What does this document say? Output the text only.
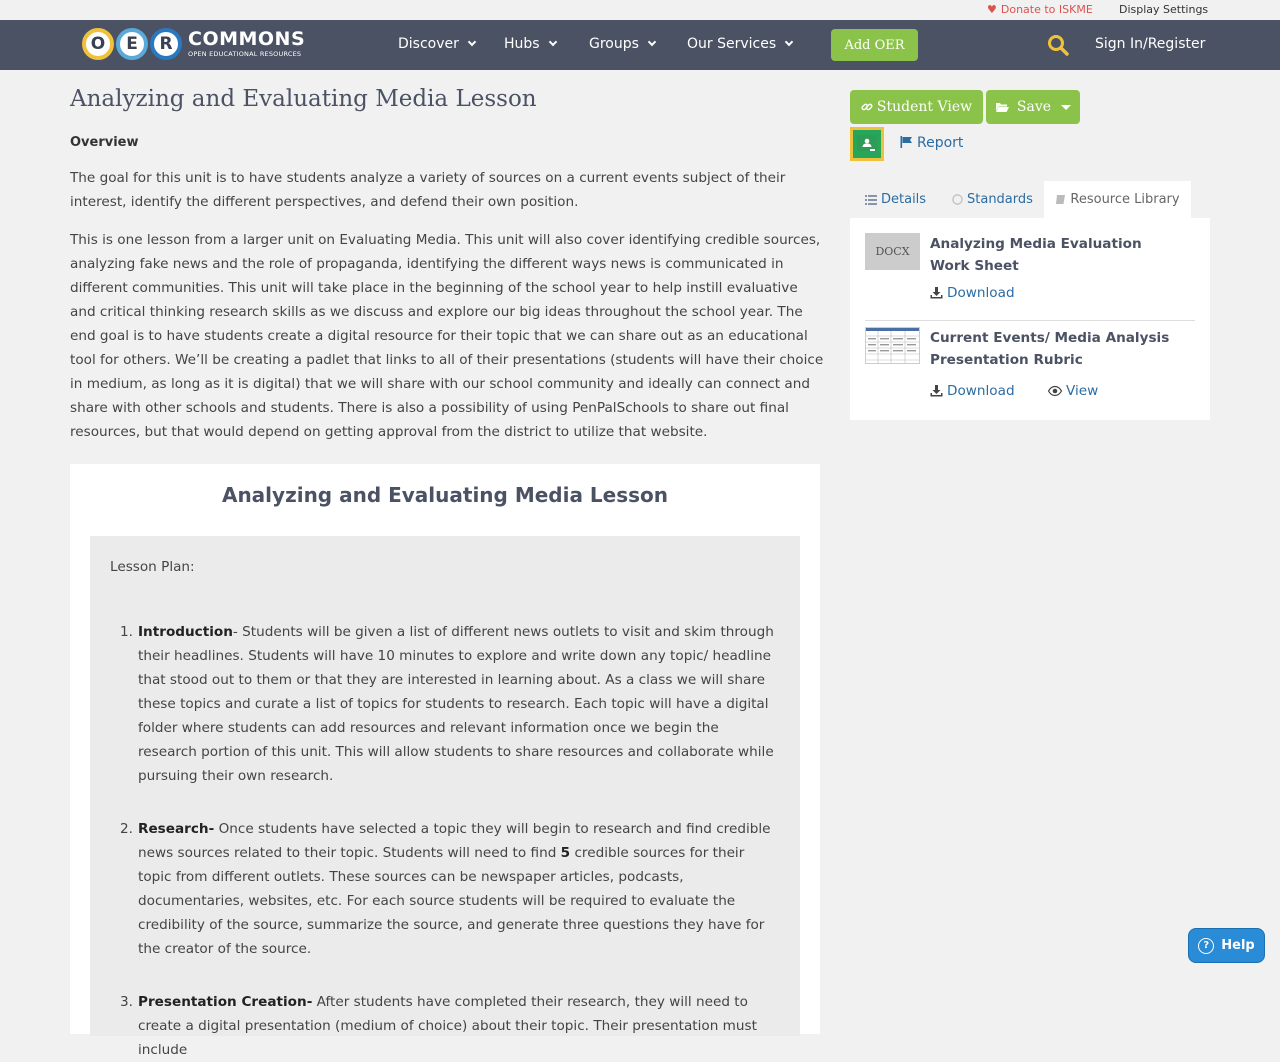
♥ Donate to ISKME Display Settings
O	E	R COMMONS
OPEN EDUCATIONAL RESOURCES
Discover	Hubs	Groups	Our Services	Add OER	Sign In/Register
Analyzing and Evaluating Media Lesson
Overview

The goal for this unit is to have students analyze a variety of sources on a current events subject of their interest, identify the different perspectives, and defend their own position.

This is one lesson from a larger unit on Evaluating Media. This unit will also cover identifying credible sources, analyzing fake news and the role of propaganda, identifying the different ways news is communicated in different communities. This unit will take place in the beginning of the school year to help instill evaluative and critical thinking research skills as we discuss and explore our big ideas throughout the school year. The end goal is to have students create a digital resource for their topic that we can share out as an educational tool for others. We’ll be creating a padlet that links to all of their presentations (students will have their choice in medium, as long as it is digital) that we will share with our school community and ideally can connect and share with other schools and students. There is also a possibility of using PenPalSchools to share out final resources, but that would depend on getting approval from the district to utilize that website.

Analyzing and Evaluating Media Lesson
Lesson Plan:
1. Introduction- Students will be given a list of different news outlets to visit and skim through their headlines. Students will have 10 minutes to explore and write down any topic/ headline that stood out to them or that they are interested in learning about. As a class we will share these topics and curate a list of topics for students to research. Each topic will have a digital folder where students can add resources and relevant information once we begin the research portion of this unit. This will allow students to share resources and collaborate while pursuing their own research.
2. Research- Once students have selected a topic they will begin to research and find credible news sources related to their topic. Students will need to find 5 credible sources for their topic from different outlets. These sources can be newspaper articles, podcasts, documentaries, websites, etc. For each source students will be required to evaluate the credibility of the source, summarize the source, and generate three questions they have for the creator of the source.
3. Presentation Creation- After students have completed their research, they will need to create a digital presentation (medium of choice) about their topic. Their presentation must include
Student View	Save
Report
Details	Standards	Resource Library
DOCX	Analyzing Media Evaluation Work Sheet
Download
Current Events/ Media Analysis Presentation Rubric
Download	View
? Help
